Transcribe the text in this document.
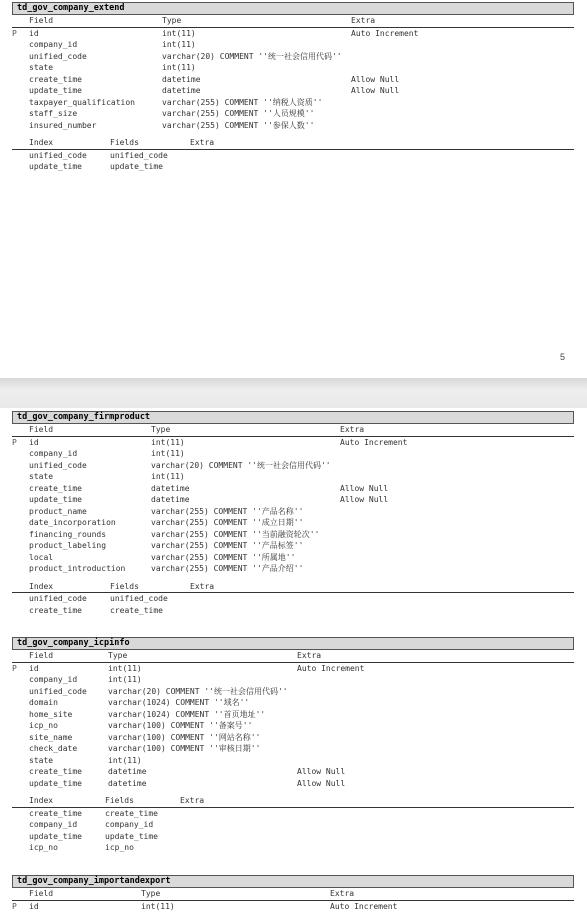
td_gov_company_extend
Field	Type	Extra
P id	int(11)	Auto Increment
company_id	int(11)
unified_code	varchar(20) COMMENT ''统一社会信用代码''
state	int(11)
create_time	datetime	Allow Null
update_time	datetime	Allow Null
taxpayer_qualification	varchar(255) COMMENT ''纳税人资质''
staff_size	varchar(255) COMMENT ''人员规模''
insured_number	varchar(255) COMMENT ''参保人数''
Index	Fields	Extra
unified_code	unified_code
update_time	update_time
5
td_gov_company_firmproduct
Field	Type	Extra
P id	int(11)	Auto Increment
company_id	int(11)
unified_code	varchar(20) COMMENT ''统一社会信用代码''
state	int(11)
create_time	datetime	Allow Null
update_time	datetime	Allow Null
product_name	varchar(255) COMMENT ''产品名称''
date_incorporation	varchar(255) COMMENT ''成立日期''
financing_rounds	varchar(255) COMMENT ''当前融资轮次''
product_labeling	varchar(255) COMMENT ''产品标签''
local	varchar(255) COMMENT ''所属地''
product_introduction	varchar(255) COMMENT ''产品介绍''
Index	Fields	Extra
unified_code	unified_code
create_time	create_time
td_gov_company_icpinfo
Field	Type	Extra
P id	int(11)	Auto Increment
company_id	int(11)
unified_code	varchar(20) COMMENT ''统一社会信用代码''
domain	varchar(1024) COMMENT ''域名''
home_site	varchar(1024) COMMENT ''首页地址''
icp_no	varchar(100) COMMENT ''备案号''
site_name	varchar(100) COMMENT ''网站名称''
check_date	varchar(100) COMMENT ''审核日期''
state	int(11)
create_time	datetime	Allow Null
update_time	datetime	Allow Null
Index	Fields	Extra
create_time	create_time
company_id	company_id
update_time	update_time
icp_no	icp_no
td_gov_company_importandexport
Field	Type	Extra
P id	int(11)	Auto Increment
